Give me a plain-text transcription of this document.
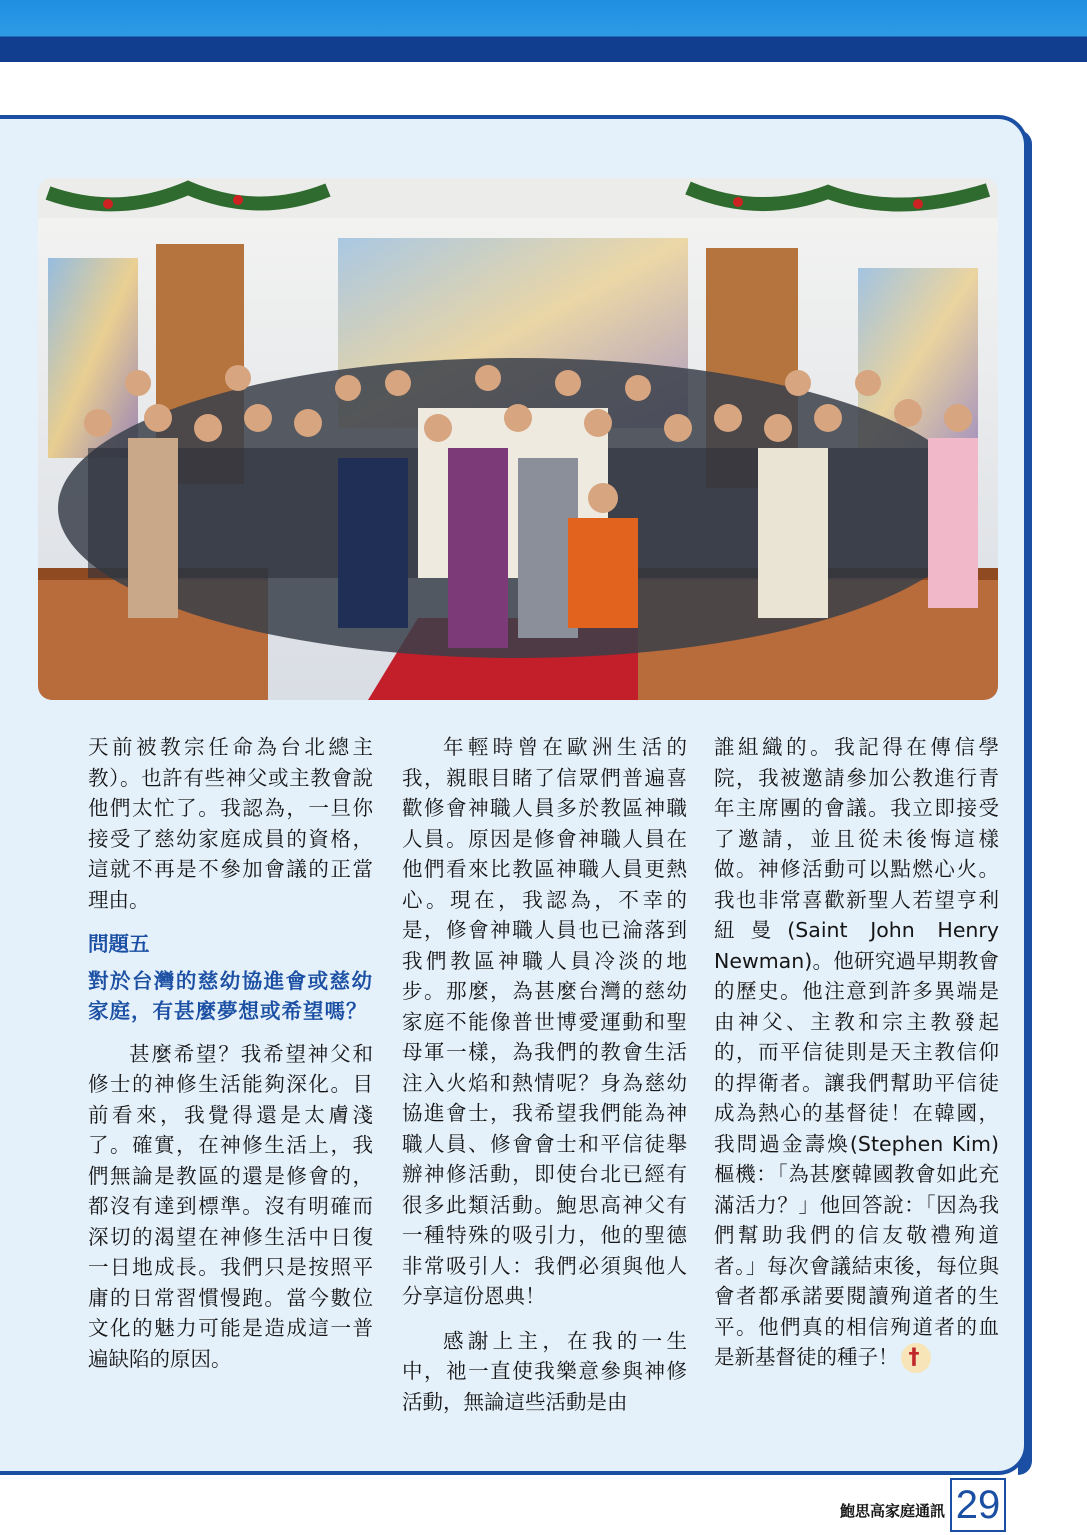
天前被教宗任命為台北總主教）。也許有些神父或主教會說他們太忙了。我認為，一旦你接受了慈幼家庭成員的資格，這就不再是不參加會議的正當理由。

問題五

對於台灣的慈幼協進會或慈幼家庭，有甚麼夢想或希望嗎？

甚麼希望？我希望神父和修士的神修生活能夠深化。目前看來，我覺得還是太膚淺了。確實，在神修生活上，我們無論是教區的還是修會的，都沒有達到標準。沒有明確而深切的渴望在神修生活中日復一日地成長。我們只是按照平庸的日常習慣慢跑。當今數位文化的魅力可能是造成這一普遍缺陷的原因。

年輕時曾在歐洲生活的我，親眼目睹了信眾們普遍喜歡修會神職人員多於教區神職人員。原因是修會神職人員在他們看來比教區神職人員更熱心。現在，我認為，不幸的是，修會神職人員也已淪落到我們教區神職人員冷淡的地步。那麼，為甚麼台灣的慈幼家庭不能像普世博愛運動和聖母軍一樣，為我們的教會生活注入火焰和熱情呢？身為慈幼協進會士，我希望我們能為神職人員、修會會士和平信徒舉辦神修活動，即使台北已經有很多此類活動。鮑思高神父有一種特殊的吸引力，他的聖德非常吸引人：我們必須與他人分享這份恩典！

感謝上主，在我的一生中，祂一直使我樂意參與神修活動，無論這些活動是由

誰組織的。我記得在傳信學院，我被邀請參加公教進行青年主席團的會議。我立即接受了邀請，並且從未後悔這樣做。神修活動可以點燃心火。我也非常喜歡新聖人若望亨利紐曼(Saint John Henry Newman)。他研究過早期教會的歷史。他注意到許多異端是由神父、主教和宗主教發起的，而平信徒則是天主教信仰的捍衛者。讓我們幫助平信徒成為熱心的基督徒！在韓國，我問過金壽煥(Stephen Kim)樞機：「為甚麼韓國教會如此充滿活力？」他回答說：「因為我們幫助我們的信友敬禮殉道者。」每次會議結束後，每位與會者都承諾要閱讀殉道者的生平。他們真的相信殉道者的血是新基督徒的種子！†

鮑思高家庭通訊 29
